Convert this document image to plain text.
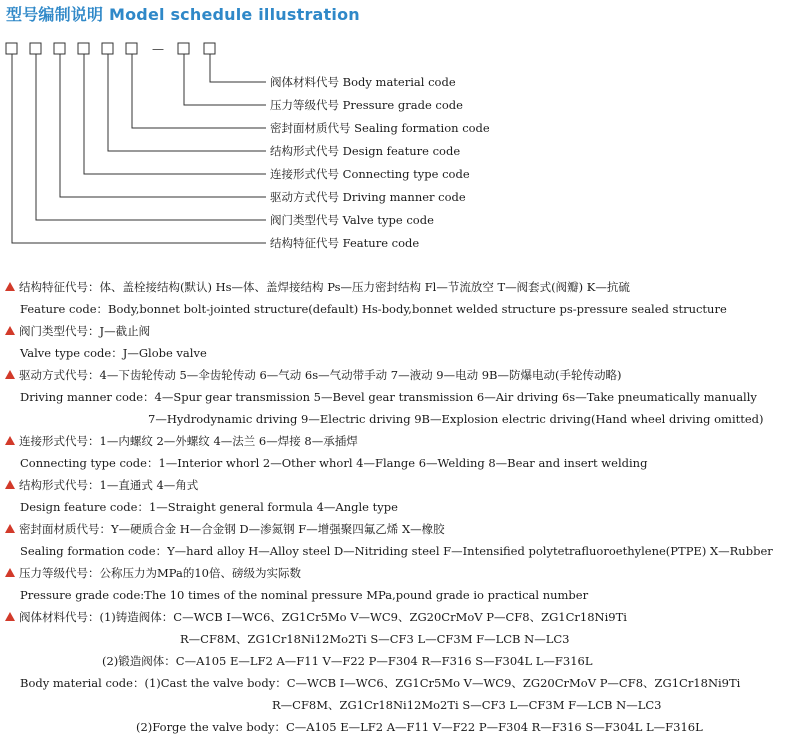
型号编制说明 Model schedule illustration
—
阀体材料代号 Body material code
压力等级代号 Pressure grade code
密封面材质代号 Sealing formation code
结构形式代号 Design feature code
连接形式代号 Connecting type code
驱动方式代号 Driving manner code
阀门类型代号 Valve type code
结构特征代号 Feature code
结构特征代号：体、盖栓接结构(默认) Hs—体、盖焊接结构 Ps—压力密封结构 Fl—节流放空 T—阀套式(阀瓣) K—抗硫
Feature code：Body,bonnet bolt-jointed structure(default) Hs-body,bonnet welded structure ps-pressure sealed structure
阀门类型代号：J—截止阀
Valve type code：J—Globe valve
驱动方式代号：4—下齿轮传动 5—伞齿轮传动 6—气动 6s—气动带手动 7—液动 9—电动 9B—防爆电动(手轮传动略)
Driving manner code：4—Spur gear transmission 5—Bevel gear transmission 6—Air driving 6s—Take pneumatically manually
7—Hydrodynamic driving 9—Electric driving 9B—Explosion electric driving(Hand wheel driving omitted)
连接形式代号：1—内螺纹 2—外螺纹 4—法兰 6—焊接 8—承插焊
Connecting type code：1—Interior whorl 2—Other whorl 4—Flange 6—Welding 8—Bear and insert welding
结构形式代号：1—直通式 4—角式
Design feature code：1—Straight general formula 4—Angle type
密封面材质代号：Y—硬质合金 H—合金钢 D—渗氮钢 F—增强聚四氟乙烯 X—橡胶
Sealing formation code：Y—hard alloy H—Alloy steel D—Nitriding steel F—Intensified polytetrafluoroethylene(PTPE) X—Rubber
压力等级代号：公称压力为MPa的10倍、磅级为实际数
Pressure grade code:The 10 times of the nominal pressure MPa,pound grade io practical number
阀体材料代号：(1)铸造阀体：C—WCB I—WC6、ZG1Cr5Mo V—WC9、ZG20CrMoV P—CF8、ZG1Cr18Ni9Ti
R—CF8M、ZG1Cr18Ni12Mo2Ti S—CF3 L—CF3M F—LCB N—LC3
(2)锻造阀体：C—A105 E—LF2 A—F11 V—F22 P—F304 R—F316 S—F304L L—F316L
Body material code：(1)Cast the valve body：C—WCB I—WC6、ZG1Cr5Mo V—WC9、ZG20CrMoV P—CF8、ZG1Cr18Ni9Ti
R—CF8M、ZG1Cr18Ni12Mo2Ti S—CF3 L—CF3M F—LCB N—LC3
(2)Forge the valve body：C—A105 E—LF2 A—F11 V—F22 P—F304 R—F316 S—F304L L—F316L
